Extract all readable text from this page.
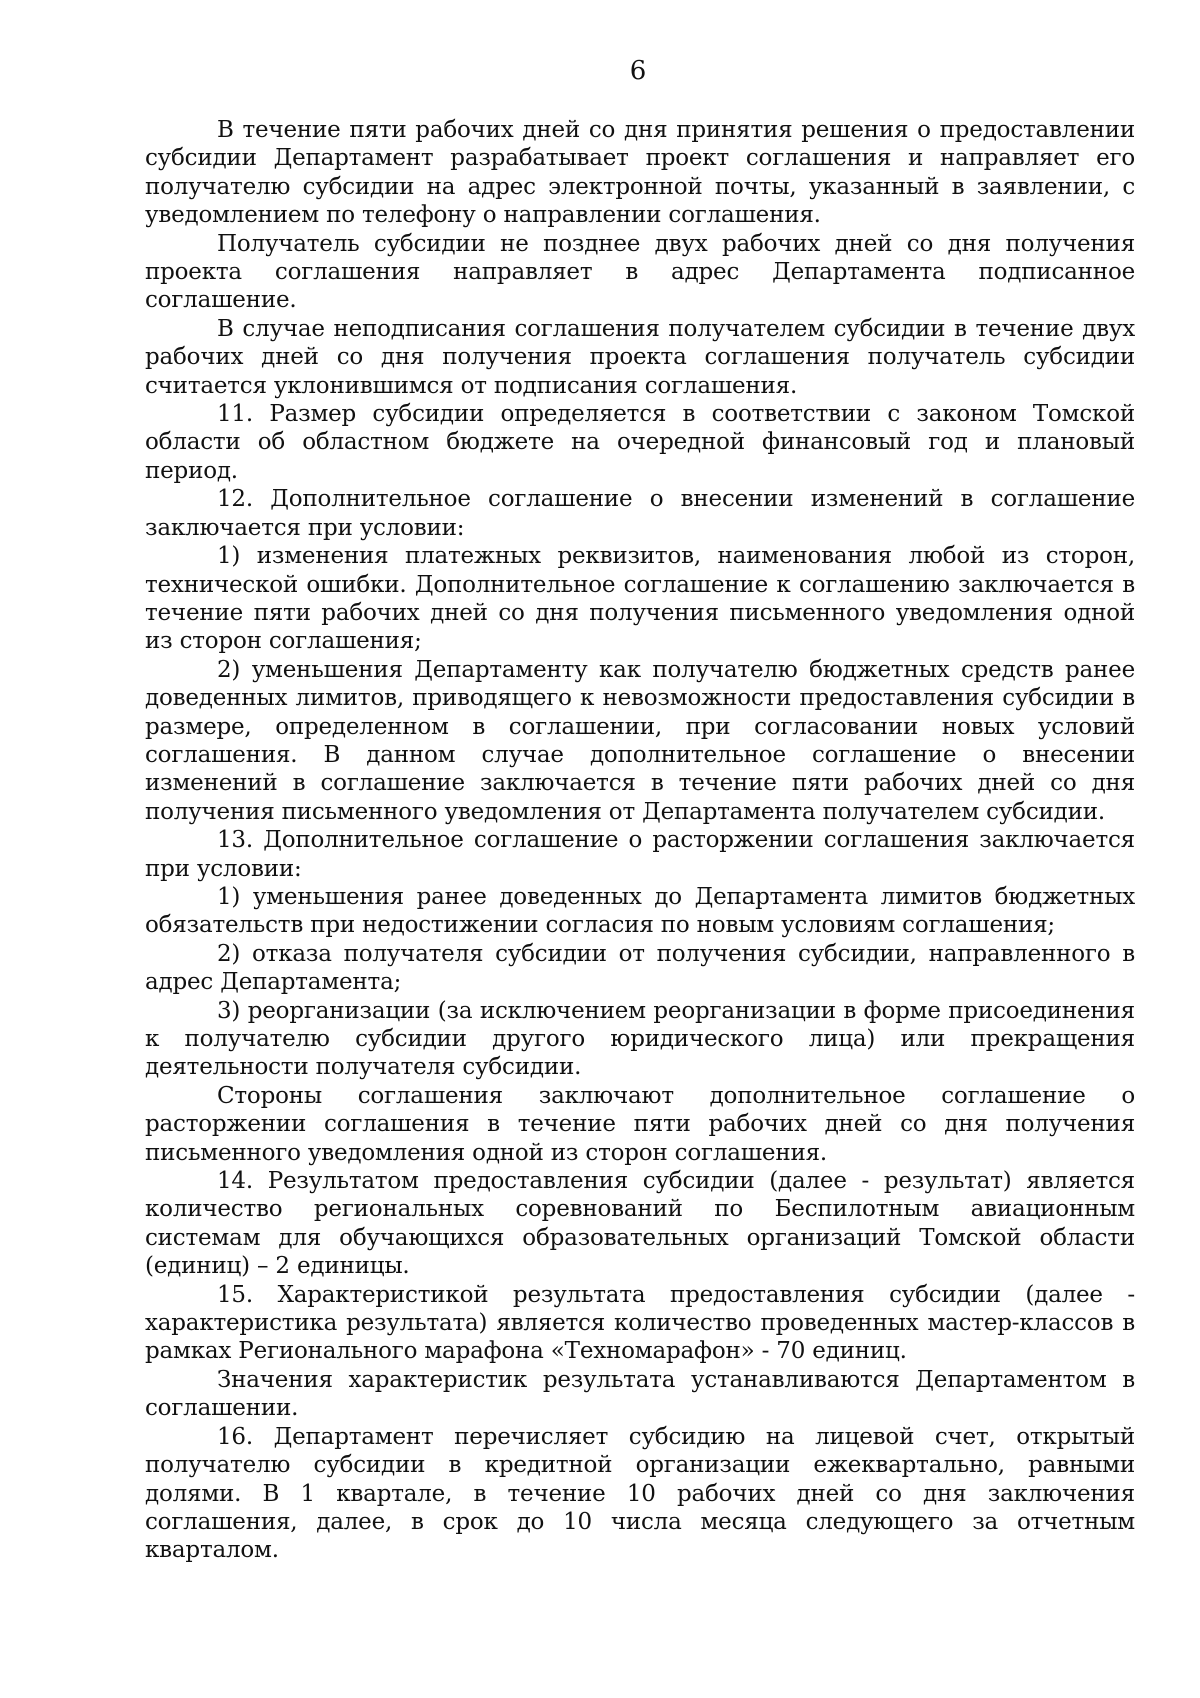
6

В течение пяти рабочих дней со дня принятия решения о предоставлении субсидии Департамент разрабатывает проект соглашения и направляет его получателю субсидии на адрес электронной почты, указанный в заявлении, с уведомлением по телефону о направлении соглашения.

Получатель субсидии не позднее двух рабочих дней со дня получения проекта соглашения направляет в адрес Департамента подписанное соглашение.

В случае неподписания соглашения получателем субсидии в течение двух рабочих дней со дня получения проекта соглашения получатель субсидии считается уклонившимся от подписания соглашения.

11. Размер субсидии определяется в соответствии с законом Томской области об областном бюджете на очередной финансовый год и плановый период.

12. Дополнительное соглашение о внесении изменений в соглашение заключается при условии:

1) изменения платежных реквизитов, наименования любой из сторон, технической ошибки. Дополнительное соглашение к соглашению заключается в течение пяти рабочих дней со дня получения письменного уведомления одной из сторон соглашения;

2) уменьшения Департаменту как получателю бюджетных средств ранее доведенных лимитов, приводящего к невозможности предоставления субсидии в размере, определенном в соглашении, при согласовании новых условий соглашения. В данном случае дополнительное соглашение о внесении изменений в соглашение заключается в течение пяти рабочих дней со дня получения письменного уведомления от Департамента получателем субсидии.

13. Дополнительное соглашение о расторжении соглашения заключается при условии:

1) уменьшения ранее доведенных до Департамента лимитов бюджетных обязательств при недостижении согласия по новым условиям соглашения;

2) отказа получателя субсидии от получения субсидии, направленного в адрес Департамента;

3) реорганизации (за исключением реорганизации в форме присоединения к получателю субсидии другого юридического лица) или прекращения деятельности получателя субсидии.

Стороны соглашения заключают дополнительное соглашение о расторжении соглашения в течение пяти рабочих дней со дня получения письменного уведомления одной из сторон соглашения.

14. Результатом предоставления субсидии (далее - результат) является количество региональных соревнований по Беспилотным авиационным системам для обучающихся образовательных организаций Томской области (единиц) – 2 единицы.

15. Характеристикой результата предоставления субсидии (далее - характеристика результата) является количество проведенных мастер-классов в рамках Регионального марафона «Техномарафон» - 70 единиц.

Значения характеристик результата устанавливаются Департаментом в соглашении.

16. Департамент перечисляет субсидию на лицевой счет, открытый получателю субсидии в кредитной организации ежеквартально, равными долями. В 1 квартале, в течение 10 рабочих дней со дня заключения соглашения, далее, в срок до 10 числа месяца следующего за отчетным кварталом.
